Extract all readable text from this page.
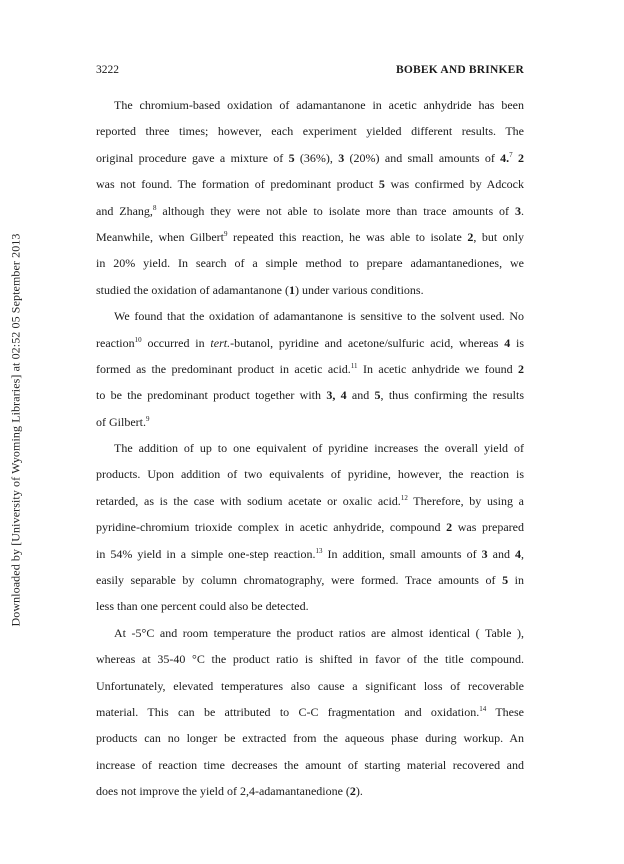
Downloaded by [University of Wyoming Libraries] at 02:52 05 September 2013
3222	BOBEK AND BRINKER
The chromium-based oxidation of adamantanone in acetic anhydride has been
reported three times; however, each experiment yielded different results. The
original procedure gave a mixture of 5 (36%), 3 (20%) and small amounts of 4.$^7$ 2
was not found. The formation of predominant product 5 was confirmed by Adcock
and Zhang,$^8$ although they were not able to isolate more than trace amounts of 3.
Meanwhile, when Gilbert$^9$ repeated this reaction, he was able to isolate 2, but only
in 20% yield. In search of a simple method to prepare adamantanediones, we
studied the oxidation of adamantanone (1) under various conditions.
We found that the oxidation of adamantanone is sensitive to the solvent used. No
reaction$^{10}$ occurred in tert.-butanol, pyridine and acetone/sulfuric acid, whereas 4 is
formed as the predominant product in acetic acid.$^{11}$ In acetic anhydride we found 2
to be the predominant product together with 3, 4 and 5, thus confirming the results
of Gilbert.$^9$
The addition of up to one equivalent of pyridine increases the overall yield of
products. Upon addition of two equivalents of pyridine, however, the reaction is
retarded, as is the case with sodium acetate or oxalic acid.$^{12}$ Therefore, by using a
pyridine-chromium trioxide complex in acetic anhydride, compound 2 was prepared
in 54% yield in a simple one-step reaction.$^{13}$ In addition, small amounts of 3 and 4,
easily separable by column chromatography, were formed. Trace amounts of 5 in
less than one percent could also be detected.
At -5°C and room temperature the product ratios are almost identical ( Table ),
whereas at 35-40 °C the product ratio is shifted in favor of the title compound.
Unfortunately, elevated temperatures also cause a significant loss of recoverable
material. This can be attributed to C-C fragmentation and oxidation.$^{14}$ These
products can no longer be extracted from the aqueous phase during workup. An
increase of reaction time decreases the amount of starting material recovered and
does not improve the yield of 2,4-adamantanedione (2).
